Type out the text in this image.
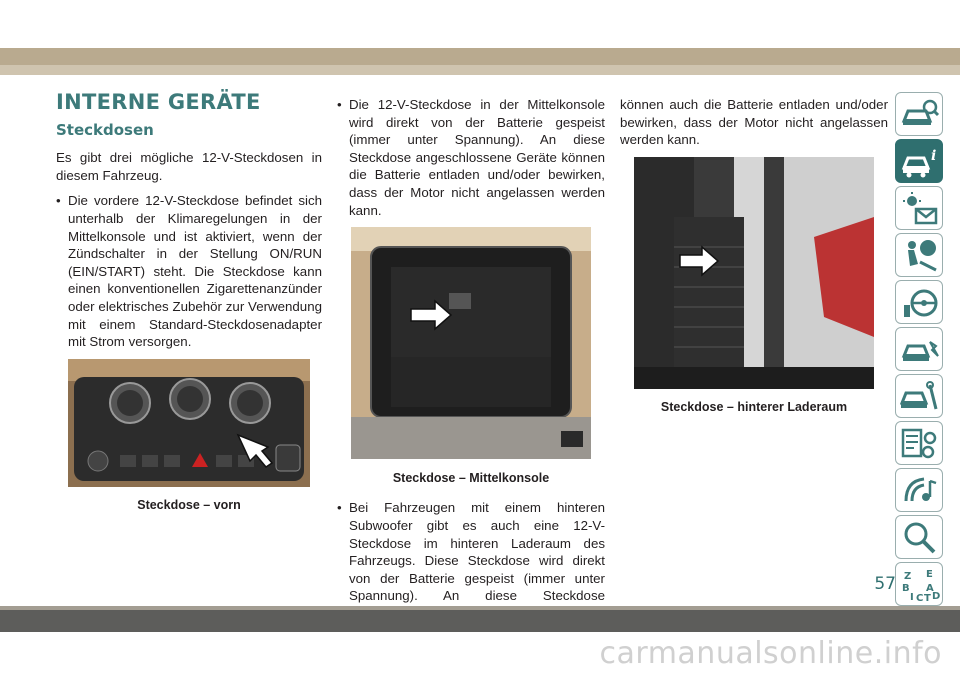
INTERNE GERÄTE
Steckdosen

Es gibt drei mögliche 12-V-Steckdosen in diesem Fahrzeug.

• Die vordere 12-V-Steckdose befindet sich unterhalb der Klimaregelungen in der Mittelkonsole und ist aktiviert, wenn der Zündschalter in der Stellung ON/RUN (EIN/START) steht. Die Steckdose kann einen konventionellen Zigarettenanzünder oder elektrisches Zubehör zur Verwendung mit einem Standard-Steckdosenadapter mit Strom versorgen.
Steckdose – vorn
• Die 12-V-Steckdose in der Mittelkonsole wird direkt von der Batterie gespeist (immer unter Spannung). An diese Steckdose angeschlossene Geräte können die Batterie entladen und/oder bewirken, dass der Motor nicht angelassen werden kann.
Steckdose – Mittelkonsole
• Bei Fahrzeugen mit einem hinteren Subwoofer gibt es auch eine 12-V-Steckdose im hinteren Laderaum des Fahrzeugs. Diese Steckdose wird direkt von der Batterie gespeist (immer unter Spannung). An diese Steckdose

können auch die Batterie entladen und/oder bewirken, dass der Motor nicht angelassen werden kann.

Steckdose – hinterer Laderaum
i
Z E
B A
I C T D
57
carmanualsonline.info
